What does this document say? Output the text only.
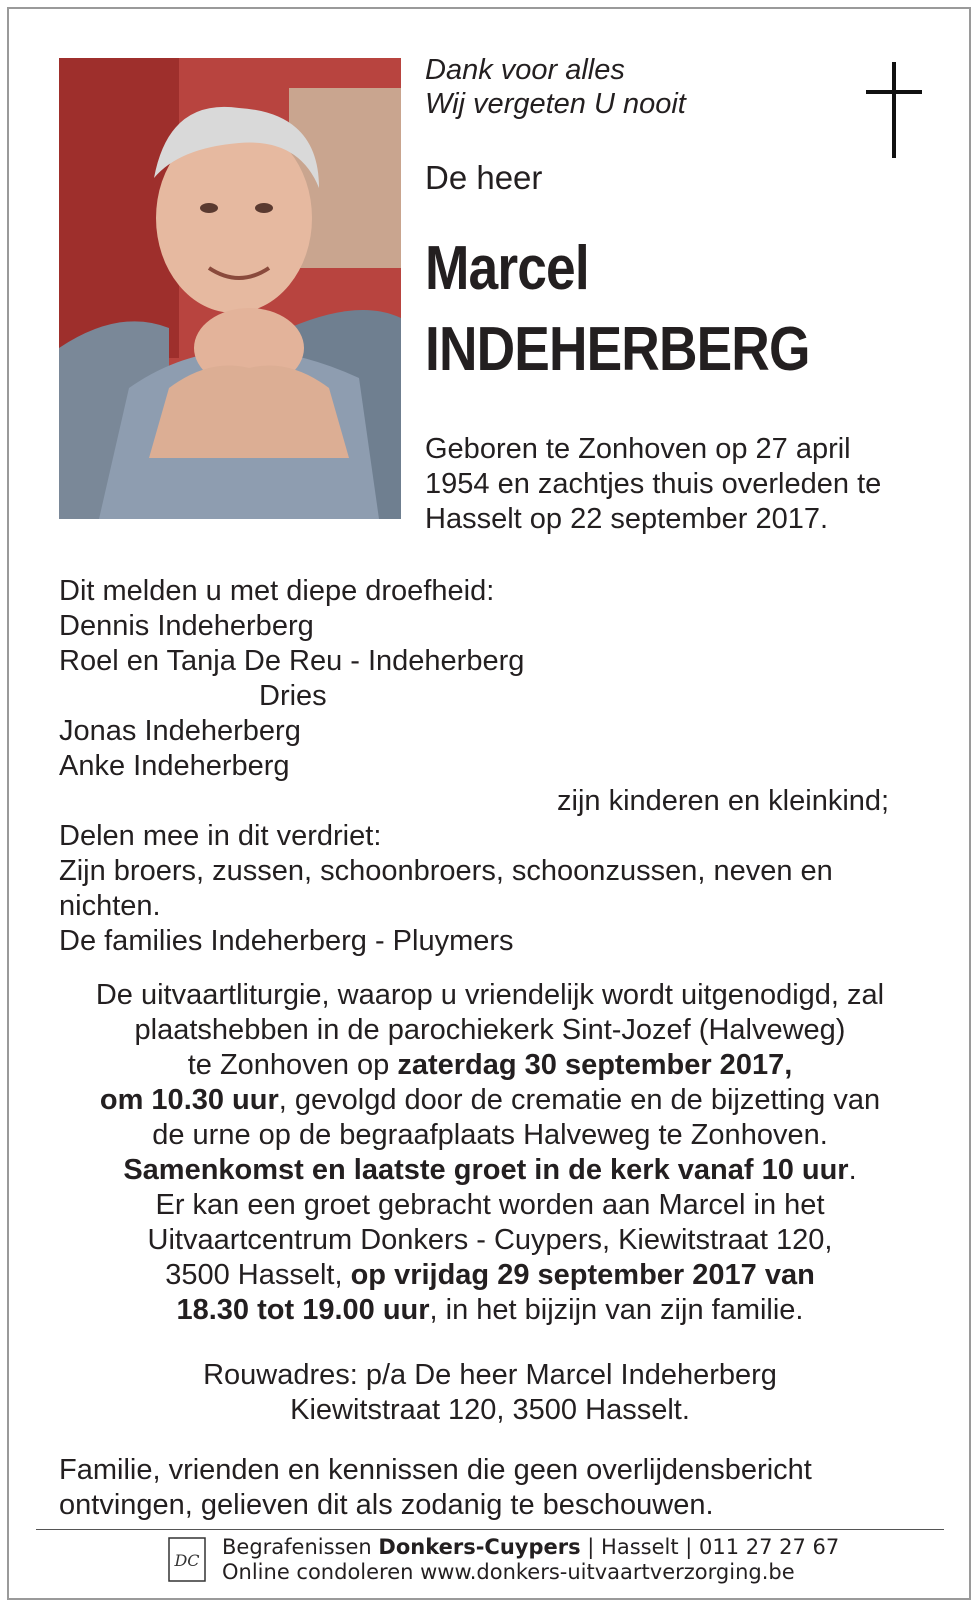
Dank voor alles

Wij vergeten U nooit

De heer

Marcel

INDEHERBERG

Geboren te Zonhoven op 27 april

1954 en zachtjes thuis overleden te

Hasselt op 22 september 2017.

Dit melden u met diepe droefheid:

Dennis Indeherberg

Roel en Tanja De Reu - Indeherberg

Dries

Jonas Indeherberg

Anke Indeherberg

zijn kinderen en kleinkind;

Delen mee in dit verdriet:

Zijn broers, zussen, schoonbroers, schoonzussen, neven en

nichten.

De families Indeherberg - Pluymers

De uitvaartliturgie, waarop u vriendelijk wordt uitgenodigd, zal

plaatshebben in de parochiekerk Sint-Jozef (Halveweg)

te Zonhoven op zaterdag 30 september 2017,

om 10.30 uur, gevolgd door de crematie en de bijzetting van

de urne op de begraafplaats Halveweg te Zonhoven.

Samenkomst en laatste groet in de kerk vanaf 10 uur.

Er kan een groet gebracht worden aan Marcel in het

Uitvaartcentrum Donkers - Cuypers, Kiewitstraat 120,

3500 Hasselt, op vrijdag 29 september 2017 van

18.30 tot 19.00 uur, in het bijzijn van zijn familie.

Rouwadres: p/a De heer Marcel Indeherberg

Kiewitstraat 120, 3500 Hasselt.

Familie, vrienden en kennissen die geen overlijdensbericht

ontvingen, gelieven dit als zodanig te beschouwen.

DC

Begrafenissen Donkers-Cuypers | Hasselt | 011 27 27 67

Online condoleren www.donkers-uitvaartverzorging.be
